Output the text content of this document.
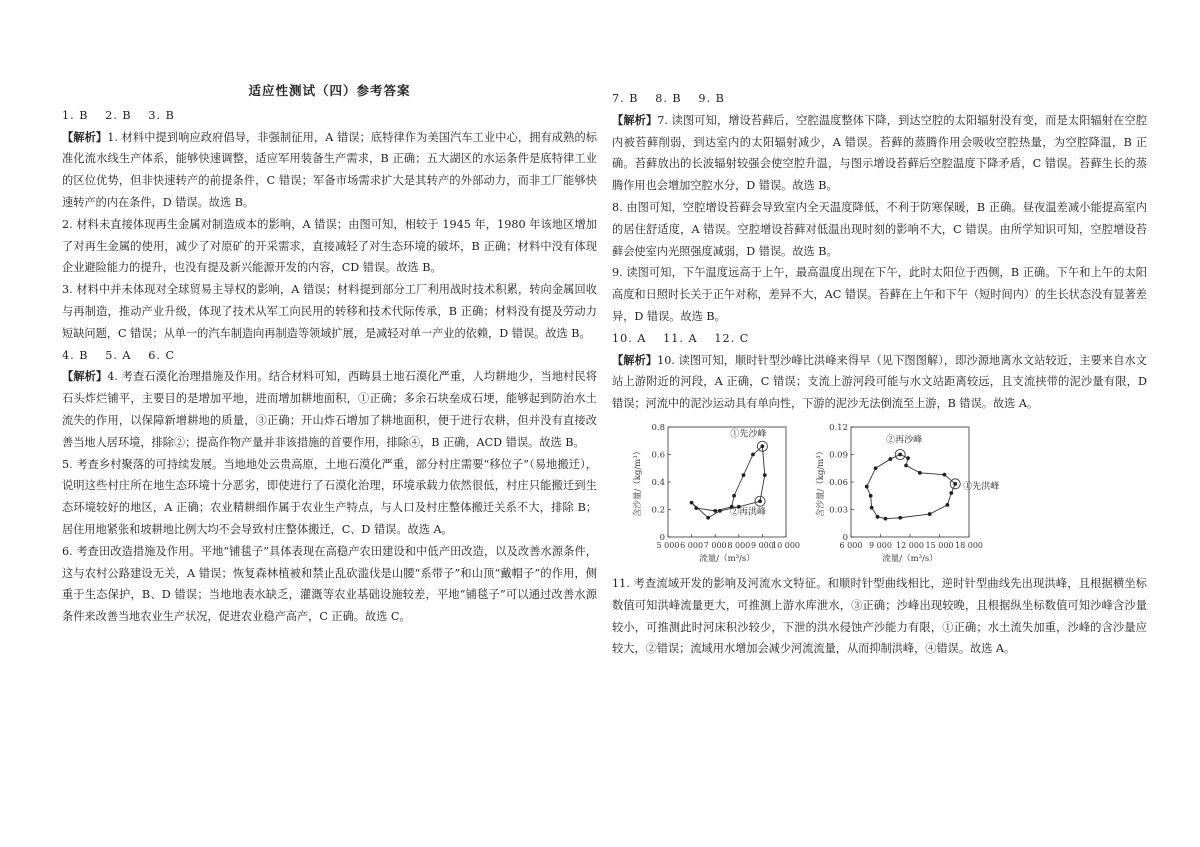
适应性测试（四）参考答案

1. B　 2. B　 3. B

【解析】1. 材料中提到响应政府倡导，非强制征用，A 错误；底特律作为美国汽车工业中心，拥有成熟的标准化流水线生产体系，能够快速调整，适应军用装备生产需求，B 正确；五大湖区的水运条件是底特律工业的区位优势，但非快速转产的前提条件，C 错误；军备市场需求扩大是其转产的外部动力，而非工厂能够快速转产的内在条件，D 错误。故选 B。

2. 材料未直接体现再生金属对制造成本的影响，A 错误；由图可知，相较于 1945 年，1980 年该地区增加了对再生金属的使用，减少了对原矿的开采需求，直接减轻了对生态环境的破坏，B 正确；材料中没有体现企业避险能力的提升，也没有提及新兴能源开发的内容，CD 错误。故选 B。

3. 材料中并未体现对全球贸易主导权的影响，A 错误；材料提到部分工厂利用战时技术积累，转向金属回收与再制造，推动产业升级，体现了技术从军工向民用的转移和技术代际传承，B 正确；材料没有提及劳动力短缺问题，C 错误；从单一的汽车制造向再制造等领域扩展，是减轻对单一产业的依赖，D 错误。故选 B。

4. B　 5. A　 6. C

【解析】4. 考查石漠化治理措施及作用。结合材料可知，西畴县土地石漠化严重，人均耕地少，当地村民将石头炸烂铺平，主要目的是增加平地，进而增加耕地面积，①正确；多余石块垒成石埂，能够起到防治水土流失的作用，以保障新增耕地的质量，③正确；开山炸石增加了耕地面积，便于进行农耕，但并没有直接改善当地人居环境，排除②；提高作物产量并非该措施的首要作用，排除④，B 正确，ACD 错误。故选 B。

5. 考查乡村聚落的可持续发展。当地地处云贵高原，土地石漠化严重，部分村庄需要“移位子”（易地搬迁），说明这些村庄所在地生态环境十分恶劣，即使进行了石漠化治理，环境承载力依然很低，村庄只能搬迁到生态环境较好的地区，A 正确；农业精耕细作属于农业生产特点，与人口及村庄整体搬迁关系不大，排除 B；居住用地紧张和坡耕地比例大均不会导致村庄整体搬迁，C、D 错误。故选 A。

6. 考查田改造措施及作用。平地“铺毯子”具体表现在高稳产农田建设和中低产田改造，以及改善水源条件，这与农村公路建设无关，A 错误；恢复森林植被和禁止乱砍滥伐是山腰“系带子”和山顶“戴帽子”的作用，侧重于生态保护，B、D 错误；当地地表水缺乏，灌溉等农业基础设施较差，平地“铺毯子”可以通过改善水源条件来改善当地农业生产状况，促进农业稳产高产，C 正确。故选 C。

7. B　 8. B　 9. B

【解析】7. 读图可知，增设苔藓后，空腔温度整体下降，到达空腔的太阳辐射没有变，而是太阳辐射在空腔内被苔藓削弱，到达室内的太阳辐射减少，A 错误。苔藓的蒸腾作用会吸收空腔热量，为空腔降温，B 正确。苔藓放出的长波辐射较强会使空腔升温，与图示增设苔藓后空腔温度下降矛盾，C 错误。苔藓生长的蒸腾作用也会增加空腔水分，D 错误。故选 B。

8. 由图可知，空腔增设苔藓会导致室内全天温度降低，不利于防寒保暖，B 正确。昼夜温差减小能提高室内的居住舒适度，A 错误。空腔增设苔藓对低温出现时刻的影响不大，C 错误。由所学知识可知，空腔增设苔藓会使室内光照强度减弱，D 错误。故选 B。

9. 读图可知，下午温度远高于上午，最高温度出现在下午，此时太阳位于西侧，B 正确。下午和上午的太阳高度和日照时长关于正午对称，差异不大，AC 错误。苔藓在上午和下午（短时间内）的生长状态没有显著差异，D 错误。故选 B。

10. A　 11. A　 12. C

【解析】10. 读图可知，顺时针型沙峰比洪峰来得早（见下图图解），即沙源地离水文站较近，主要来自水文站上游附近的河段，A 正确，C 错误；支流上游河段可能与水文站距离较远，且支流挟带的泥沙量有限，D 错误；河流中的泥沙运动具有单向性，下游的泥沙无法倒流至上游，B 错误。故选 A。

0
0.2
0.4
0.6
0.8
5 000 6 000 7 000 8 000 9 000
10 000
流量/（m³/s）
含沙量/（kg/m³）
①先沙峰
②再洪峰
0
0.03
0.06
0.09
0.12
6 000 9 000 12 000 15 000 18 000
流量/（m³/s）
含沙量/（kg/m³）
②再沙峰
①先洪峰

11. 考查流域开发的影响及河流水文特征。和顺时针型曲线相比，逆时针型曲线先出现洪峰，且根据横坐标数值可知洪峰流量更大，可推测上游水库泄水，③正确；沙峰出现较晚，且根据纵坐标数值可知沙峰含沙量较小，可推测此时河床积沙较少，下泄的洪水侵蚀产沙能力有限，①正确；水土流失加重，沙峰的含沙量应较大，②错误；流域用水增加会减少河流流量，从而抑制洪峰，④错误。故选 A。
